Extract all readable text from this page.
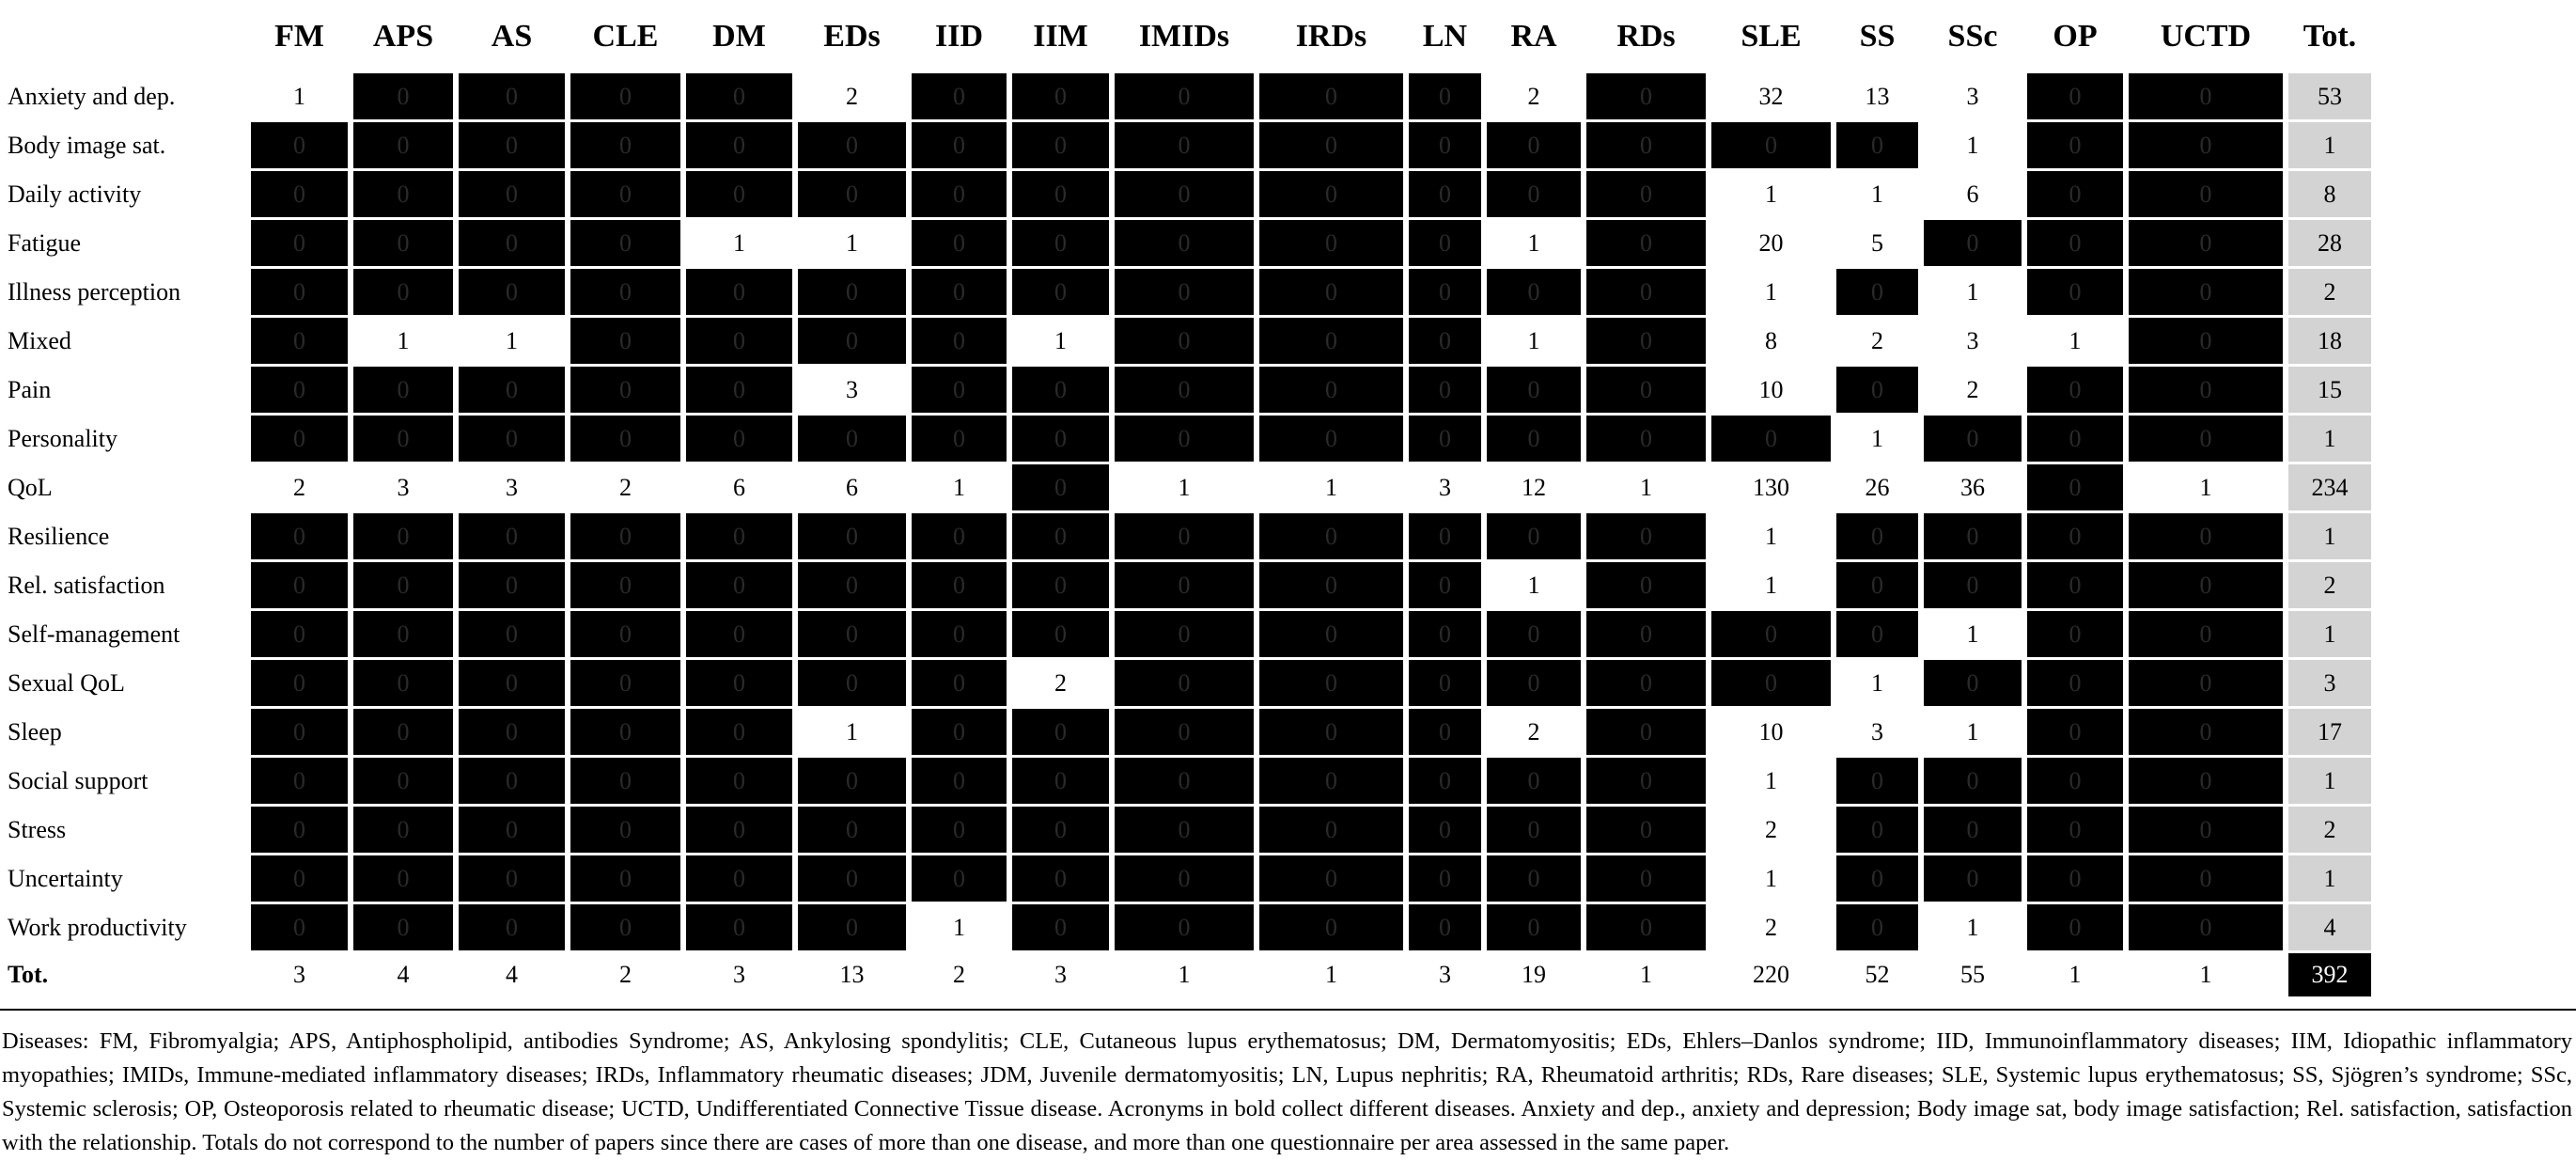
	FM	APS	AS	CLE	DM	EDs	IID	IIM	IMIDs	IRDs	LN	RA	RDs	SLE	SS	SSc	OP	UCTD	Tot.
Anxiety and dep.	1	0	0	0	0	2	0	0	0	0	0	2	0	32	13	3	0	0	53
Body image sat.	0	0	0	0	0	0	0	0	0	0	0	0	0	0	0	1	0	0	1
Daily activity	0	0	0	0	0	0	0	0	0	0	0	0	0	1	1	6	0	0	8
Fatigue	0	0	0	0	1	1	0	0	0	0	0	1	0	20	5	0	0	0	28
Illness perception	0	0	0	0	0	0	0	0	0	0	0	0	0	1	0	1	0	0	2
Mixed	0	1	1	0	0	0	0	1	0	0	0	1	0	8	2	3	1	0	18
Pain	0	0	0	0	0	3	0	0	0	0	0	0	0	10	0	2	0	0	15
Personality	0	0	0	0	0	0	0	0	0	0	0	0	0	0	1	0	0	0	1
QoL	2	3	3	2	6	6	1	0	1	1	3	12	1	130	26	36	0	1	234
Resilience	0	0	0	0	0	0	0	0	0	0	0	0	0	1	0	0	0	0	1
Rel. satisfaction	0	0	0	0	0	0	0	0	0	0	0	1	0	1	0	0	0	0	2
Self-management	0	0	0	0	0	0	0	0	0	0	0	0	0	0	0	1	0	0	1
Sexual QoL	0	0	0	0	0	0	0	2	0	0	0	0	0	0	1	0	0	0	3
Sleep	0	0	0	0	0	1	0	0	0	0	0	2	0	10	3	1	0	0	17
Social support	0	0	0	0	0	0	0	0	0	0	0	0	0	1	0	0	0	0	1
Stress	0	0	0	0	0	0	0	0	0	0	0	0	0	2	0	0	0	0	2
Uncertainty	0	0	0	0	0	0	0	0	0	0	0	0	0	1	0	0	0	0	1
Work productivity	0	0	0	0	0	0	1	0	0	0	0	0	0	2	0	1	0	0	4
Tot.	3	4	4	2	3	13	2	3	1	1	3	19	1	220	52	55	1	1	392
Diseases: FM, Fibromyalgia; APS, Antiphospholipid, antibodies Syndrome; AS, Ankylosing spondylitis; CLE, Cutaneous lupus erythematosus; DM, Dermatomyositis; EDs, Ehlers–Danlos syndrome; IID, Immunoinflammatory diseases; IIM, Idiopathic inflammatory myopathies; IMIDs, Immune-mediated inflammatory diseases; IRDs, Inflammatory rheumatic diseases; JDM, Juvenile dermatomyositis; LN, Lupus nephritis; RA, Rheumatoid arthritis; RDs, Rare diseases; SLE, Systemic lupus erythematosus; SS, Sjögren’s syndrome; SSc, Systemic sclerosis; OP, Osteoporosis related to rheumatic disease; UCTD, Undifferentiated Connective Tissue disease. Acronyms in bold collect different diseases. Anxiety and dep., anxiety and depression; Body image sat, body image satisfaction; Rel. satisfaction, satisfaction with the relationship. Totals do not correspond to the number of papers since there are cases of more than one disease, and more than one questionnaire per area assessed in the same paper.
